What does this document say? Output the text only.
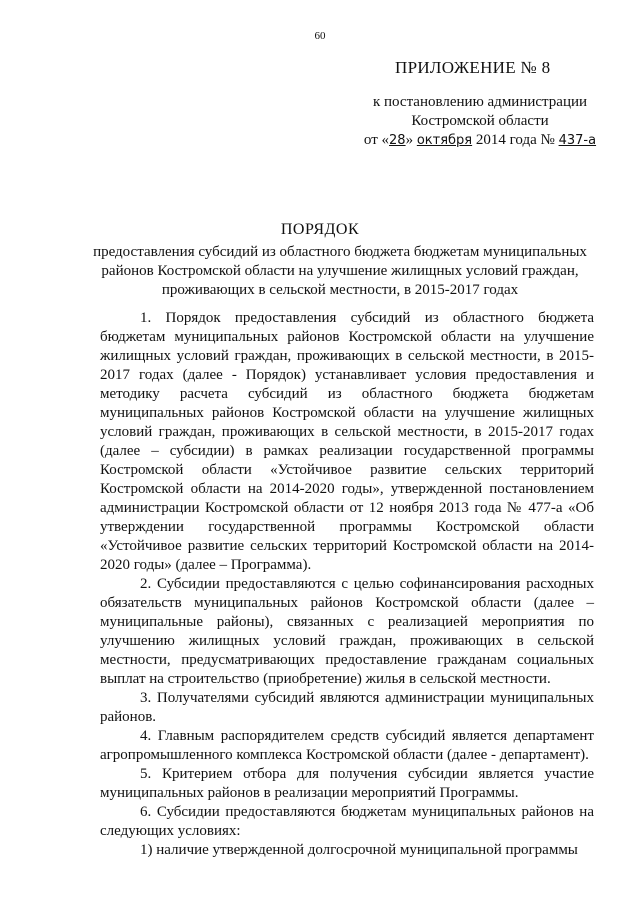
60
ПРИЛОЖЕНИЕ № 8
к постановлению администрации
Костромской области
от «28» октября 2014 года № 437-а
ПОРЯДОК
предоставления субсидий из областного бюджета бюджетам муниципальных районов Костромской области на улучшение жилищных условий граждан, проживающих в сельской местности, в 2015-2017 годах

1. Порядок предоставления субсидий из областного бюджета бюджетам муниципальных районов Костромской области на улучшение жилищных условий граждан, проживающих в сельской местности, в 2015-2017 годах (далее - Порядок) устанавливает условия предоставления и методику расчета субсидий из областного бюджета бюджетам муниципальных районов Костромской области на улучшение жилищных условий граждан, проживающих в сельской местности, в 2015-2017 годах (далее – субсидии) в рамках реализации государственной программы Костромской области «Устойчивое развитие сельских территорий Костромской области на 2014-2020 годы», утвержденной постановлением администрации Костромской области от 12 ноября 2013 года № 477-а «Об утверждении государственной программы Костромской области «Устойчивое развитие сельских территорий Костромской области на 2014-2020 годы» (далее – Программа).

2. Субсидии предоставляются с целью софинансирования расходных обязательств муниципальных районов Костромской области (далее – муниципальные районы), связанных с реализацией мероприятия по улучшению жилищных условий граждан, проживающих в сельской местности, предусматривающих предоставление гражданам социальных выплат на строительство (приобретение) жилья в сельской местности.

3. Получателями субсидий являются администрации муниципальных районов.

4. Главным распорядителем средств субсидий является департамент агропромышленного комплекса Костромской области (далее - департамент).

5. Критерием отбора для получения субсидии является участие муниципальных районов в реализации мероприятий Программы.

6. Субсидии предоставляются бюджетам муниципальных районов на следующих условиях:

1) наличие утвержденной долгосрочной муниципальной программы
